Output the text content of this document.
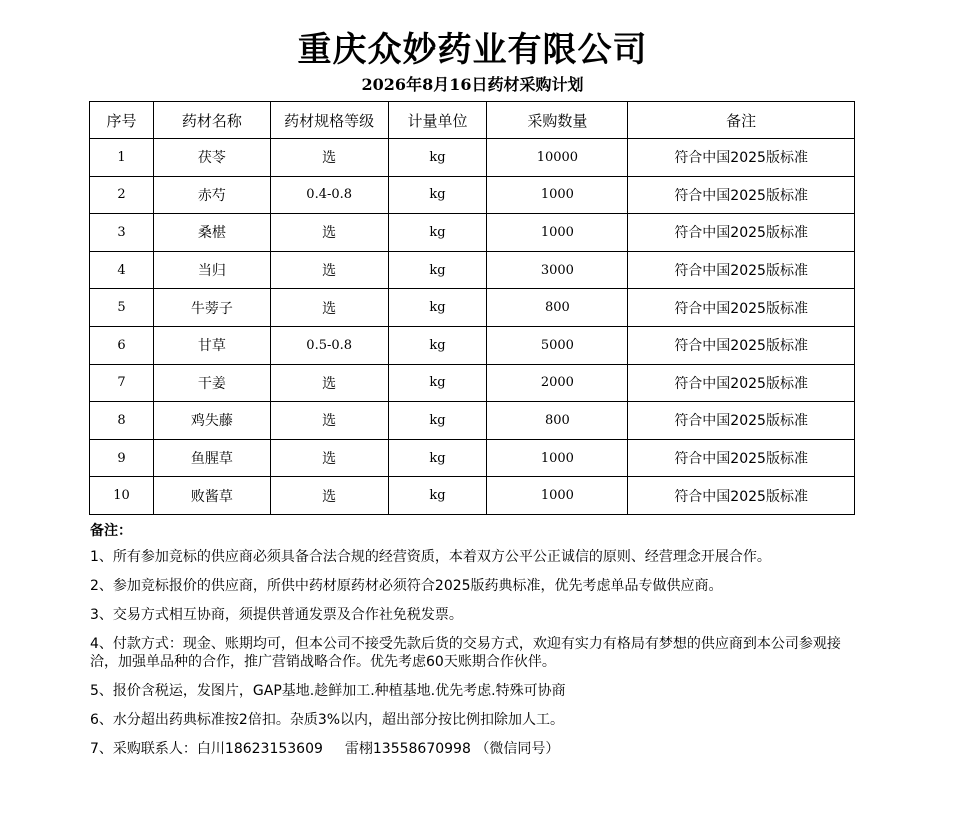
重庆众妙药业有限公司
2026年8月16日药材采购计划
序号	药材名称	药材规格等级	计量单位	采购数量	备注
1	茯苓	选	kg	10000	符合中国2025版标准
2	赤芍	0.4-0.8	kg	1000	符合中国2025版标准
3	桑椹	选	kg	1000	符合中国2025版标准
4	当归	选	kg	3000	符合中国2025版标准
5	牛蒡子	选	kg	800	符合中国2025版标准
6	甘草	0.5-0.8	kg	5000	符合中国2025版标准
7	干姜	选	kg	2000	符合中国2025版标准
8	鸡失藤	选	kg	800	符合中国2025版标准
9	鱼腥草	选	kg	1000	符合中国2025版标准
10	败酱草	选	kg	1000	符合中国2025版标准
备注：
1、所有参加竞标的供应商必须具备合法合规的经营资质，本着双方公平公正诚信的原则、经营理念开展合作。
2、参加竞标报价的供应商，所供中药材原药材必须符合2025版药典标准，优先考虑单品专做供应商。
3、交易方式相互协商，须提供普通发票及合作社免税发票。
4、付款方式：现金、账期均可，但本公司不接受先款后货的交易方式，欢迎有实力有格局有梦想的供应商到本公司参观接洽，加强单品种的合作，推广营销战略合作。优先考虑60天账期合作伙伴。
5、报价含税运，发图片，GAP基地.趁鲜加工.种植基地.优先考虑.特殊可协商
6、水分超出药典标准按2倍扣。杂质3%以内，超出部分按比例扣除加人工。
7、采购联系人：白川18623153609 雷栩13558670998 （微信同号）
